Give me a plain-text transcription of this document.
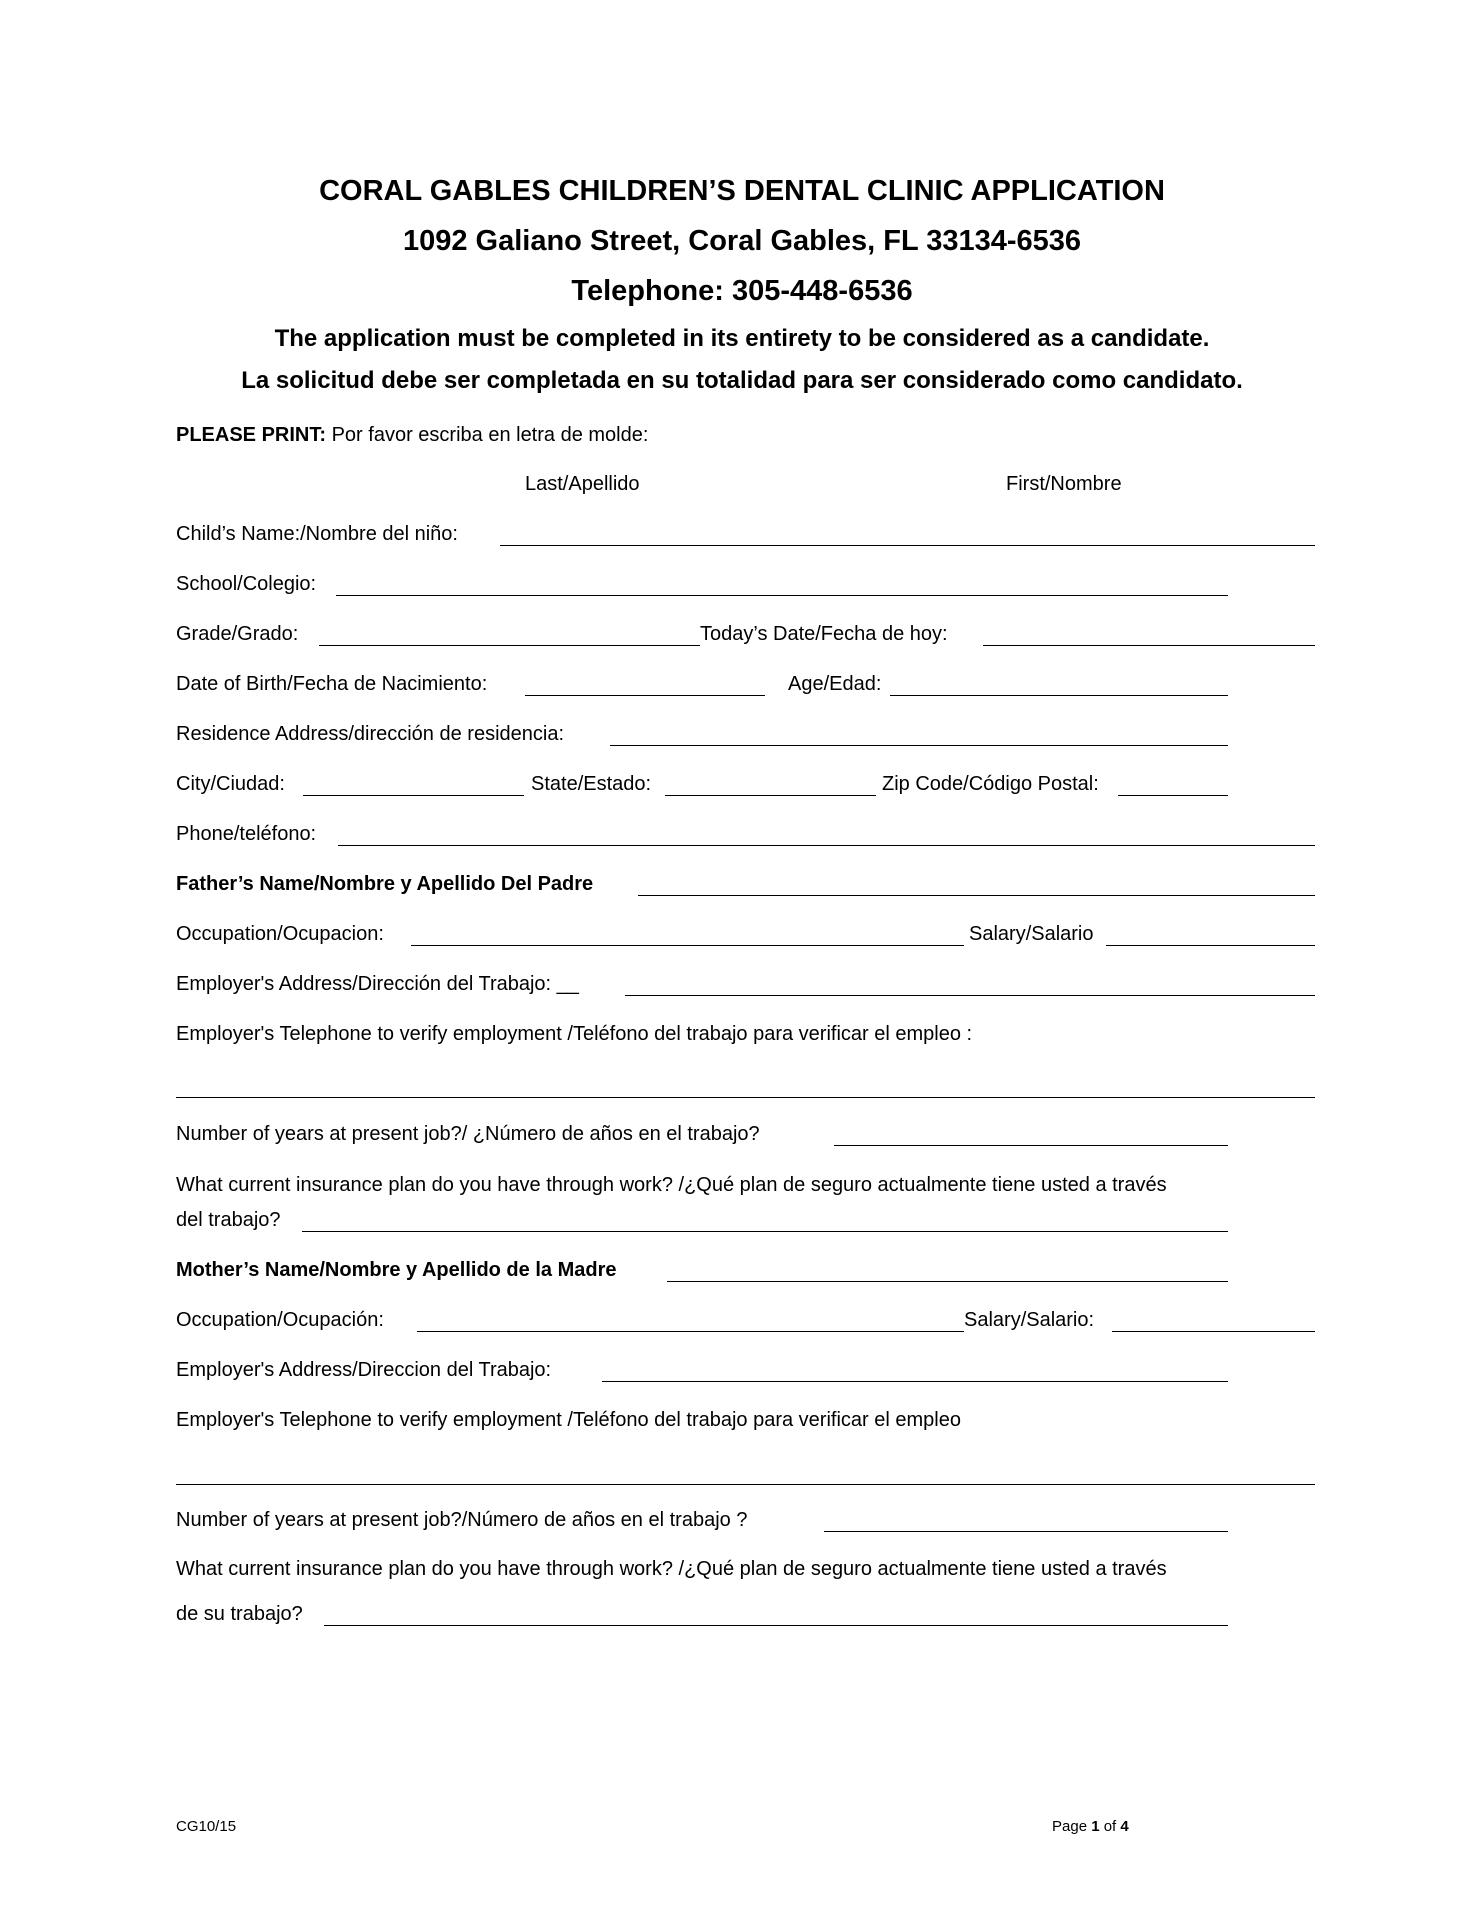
CORAL GABLES CHILDREN’S DENTAL CLINIC APPLICATION
1092 Galiano Street, Coral Gables, FL 33134-6536
Telephone: 305-448-6536
The application must be completed in its entirety to be considered as a candidate.
La solicitud debe ser completada en su totalidad para ser considerado como candidato.
PLEASE PRINT: Por favor escriba en letra de molde:
Last/Apellido	First/Nombre
Child’s Name:/Nombre del niño:
School/Colegio:
Grade/Grado:	Today’s Date/Fecha de hoy:
Date of Birth/Fecha de Nacimiento:	Age/Edad:
Residence Address/dirección de residencia:
City/Ciudad:	State/Estado:	Zip Code/Código Postal:
Phone/teléfono:
Father’s Name/Nombre y Apellido Del Padre
Occupation/Ocupacion:	Salary/Salario
Employer's Address/Dirección del Trabajo: __
Employer's Telephone to verify employment /Teléfono del trabajo para verificar el empleo :
Number of years at present job?/ ¿Número de años en el trabajo?
What current insurance plan do you have through work? /¿Qué plan de seguro actualmente tiene usted a través
del trabajo?
Mother’s Name/Nombre y Apellido de la Madre
Occupation/Ocupación:	Salary/Salario:
Employer's Address/Direccion del Trabajo:
Employer's Telephone to verify employment /Teléfono del trabajo para verificar el empleo
Number of years at present job?/Número de años en el trabajo ?
What current insurance plan do you have through work? /¿Qué plan de seguro actualmente tiene usted a través
de su trabajo?
CG10/15	Page 1 of 4
